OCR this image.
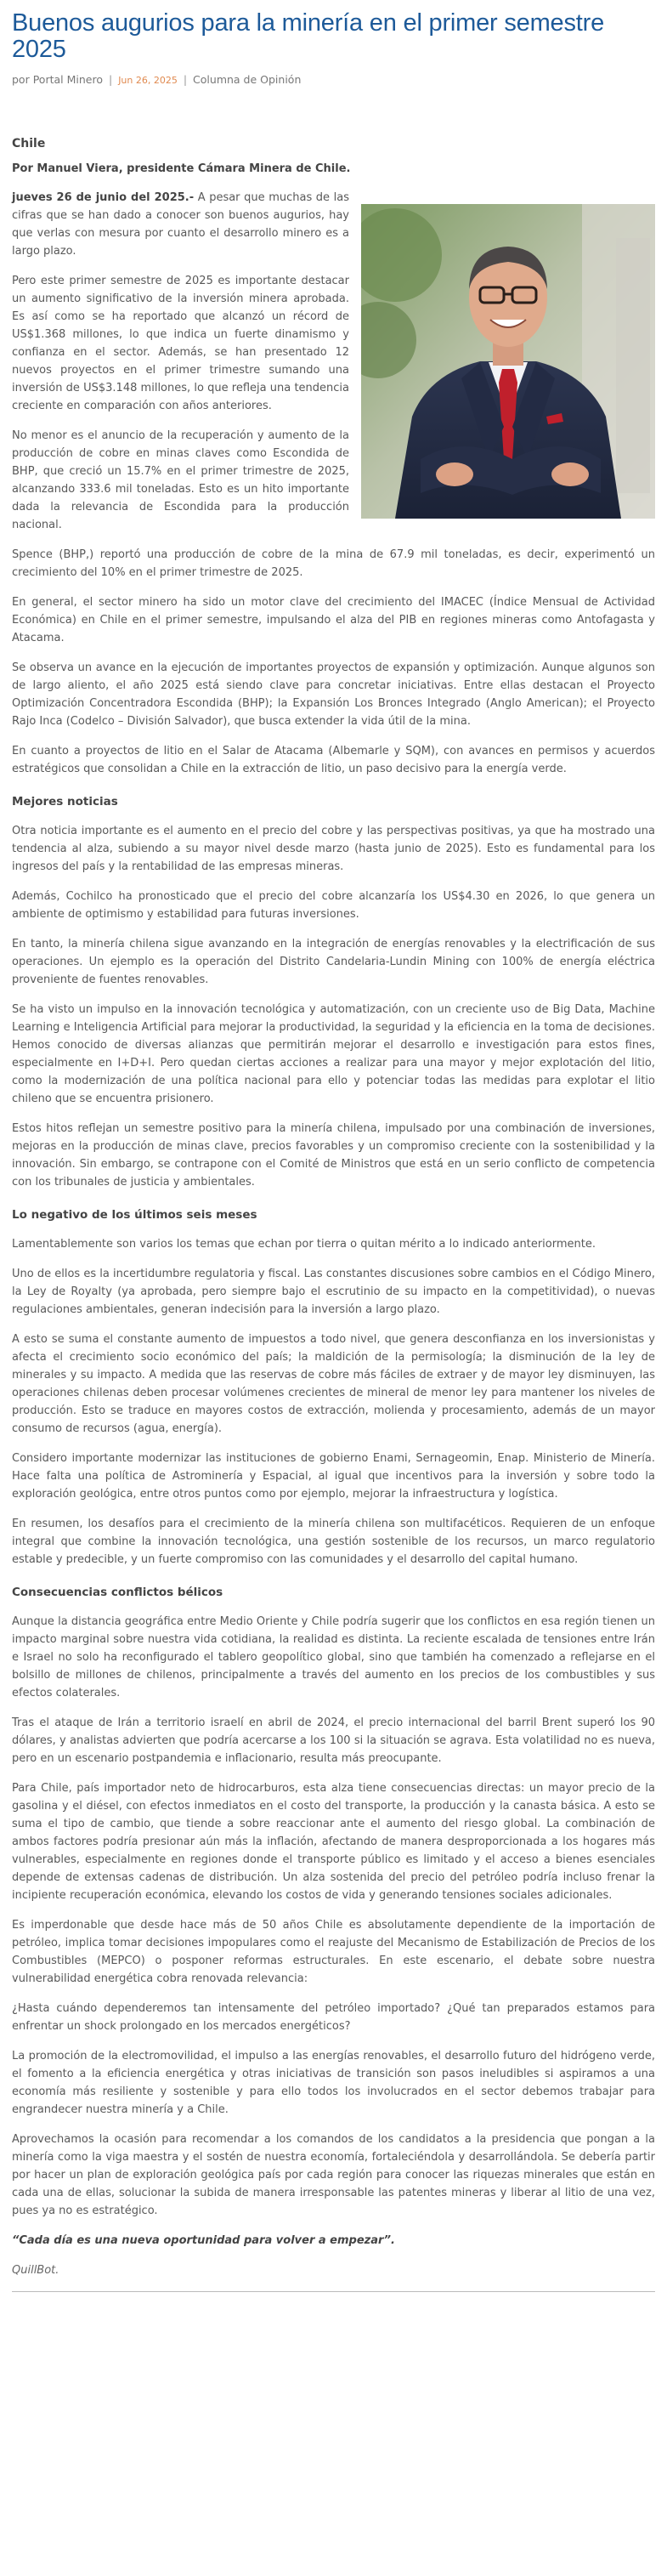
Buenos augurios para la minería en el primer semestre 2025
por Portal Minero | Jun 26, 2025 | Columna de Opinión
Chile
Por Manuel Viera, presidente Cámara Minera de Chile.

jueves 26 de junio del 2025.- A pesar que muchas de las cifras que se han dado a conocer son buenos augurios, hay que verlas con mesura por cuanto el desarrollo minero es a largo plazo.

Pero este primer semestre de 2025 es importante destacar un aumento significativo de la inversión minera aprobada. Es así como se ha reportado que alcanzó un récord de US$1.368 millones, lo que indica un fuerte dinamismo y confianza en el sector. Además, se han presentado 12 nuevos proyectos en el primer trimestre sumando una inversión de US$3.148 millones, lo que refleja una tendencia creciente en comparación con años anteriores.

No menor es el anuncio de la recuperación y aumento de la producción de cobre en minas claves como Escondida de BHP, que creció un 15.7% en el primer trimestre de 2025, alcanzando 333.6 mil toneladas. Esto es un hito importante dada la relevancia de Escondida para la producción nacional.

Spence (BHP,) reportó una producción de cobre de la mina de 67.9 mil toneladas, es decir, experimentó un crecimiento del 10% en el primer trimestre de 2025.

En general, el sector minero ha sido un motor clave del crecimiento del IMACEC (Índice Mensual de Actividad Económica) en Chile en el primer semestre, impulsando el alza del PIB en regiones mineras como Antofagasta y Atacama.

Se observa un avance en la ejecución de importantes proyectos de expansión y optimización. Aunque algunos son de largo aliento, el año 2025 está siendo clave para concretar iniciativas. Entre ellas destacan el Proyecto Optimización Concentradora Escondida (BHP); la Expansión Los Bronces Integrado (Anglo American); el Proyecto Rajo Inca (Codelco – División Salvador), que busca extender la vida útil de la mina.

En cuanto a proyectos de litio en el Salar de Atacama (Albemarle y SQM), con avances en permisos y acuerdos estratégicos que consolidan a Chile en la extracción de litio, un paso decisivo para la energía verde.

Mejores noticias

Otra noticia importante es el aumento en el precio del cobre y las perspectivas positivas, ya que ha mostrado una tendencia al alza, subiendo a su mayor nivel desde marzo (hasta junio de 2025). Esto es fundamental para los ingresos del país y la rentabilidad de las empresas mineras.

Además, Cochilco ha pronosticado que el precio del cobre alcanzaría los US$4.30 en 2026, lo que genera un ambiente de optimismo y estabilidad para futuras inversiones.

En tanto, la minería chilena sigue avanzando en la integración de energías renovables y la electrificación de sus operaciones. Un ejemplo es la operación del Distrito Candelaria-Lundin Mining con 100% de energía eléctrica proveniente de fuentes renovables.

Se ha visto un impulso en la innovación tecnológica y automatización, con un creciente uso de Big Data, Machine Learning e Inteligencia Artificial para mejorar la productividad, la seguridad y la eficiencia en la toma de decisiones.
Hemos conocido de diversas alianzas que permitirán mejorar el desarrollo e investigación para estos fines, especialmente en I+D+I. Pero quedan ciertas acciones a realizar para una mayor y mejor explotación del litio, como la modernización de una política nacional para ello y potenciar todas las medidas para explotar el litio chileno que se encuentra prisionero.

Estos hitos reflejan un semestre positivo para la minería chilena, impulsado por una combinación de inversiones, mejoras en la producción de minas clave, precios favorables y un compromiso creciente con la sostenibilidad y la innovación. Sin embargo, se contrapone con el Comité de Ministros que está en un serio conflicto de competencia con los tribunales de justicia y ambientales.

Lo negativo de los últimos seis meses

Lamentablemente son varios los temas que echan por tierra o quitan mérito a lo indicado anteriormente.

Uno de ellos es la incertidumbre regulatoria y fiscal. Las constantes discusiones sobre cambios en el Código Minero, la Ley de Royalty (ya aprobada, pero siempre bajo el escrutinio de su impacto en la competitividad), o nuevas regulaciones ambientales, generan indecisión para la inversión a largo plazo.

A esto se suma el constante aumento de impuestos a todo nivel, que genera desconfianza en los inversionistas y afecta el crecimiento socio económico del país; la maldición de la permisología; la disminución de la ley de minerales y su impacto. A medida que las reservas de cobre más fáciles de extraer y de mayor ley disminuyen, las operaciones chilenas deben procesar volúmenes crecientes de mineral de menor ley para mantener los niveles de producción. Esto se traduce en mayores costos de extracción, molienda y procesamiento, además de un mayor consumo de recursos (agua, energía).

Considero importante modernizar las instituciones de gobierno Enami, Sernageomin, Enap. Ministerio de Minería. Hace falta una política de Astrominería y Espacial, al igual que incentivos para la inversión y sobre todo la exploración geológica, entre otros puntos como por ejemplo, mejorar la infraestructura y logística.

En resumen, los desafíos para el crecimiento de la minería chilena son multifacéticos. Requieren de un enfoque integral que combine la innovación tecnológica, una gestión sostenible de los recursos, un marco regulatorio estable y predecible, y un fuerte compromiso con las comunidades y el desarrollo del capital humano.

Consecuencias conflictos bélicos

Aunque la distancia geográfica entre Medio Oriente y Chile podría sugerir que los conflictos en esa región tienen un impacto marginal sobre nuestra vida cotidiana, la realidad es distinta. La reciente escalada de tensiones entre Irán e Israel no solo ha reconfigurado el tablero geopolítico global, sino que también ha comenzado a reflejarse en el bolsillo de millones de chilenos, principalmente a través del aumento en los precios de los combustibles y sus efectos colaterales.

Tras el ataque de Irán a territorio israelí en abril de 2024, el precio internacional del barril Brent superó los 90 dólares, y analistas advierten que podría acercarse a los 100 si la situación se agrava. Esta volatilidad no es nueva, pero en un escenario postpandemia e inflacionario, resulta más preocupante.

Para Chile, país importador neto de hidrocarburos, esta alza tiene consecuencias directas: un mayor precio de la gasolina y el diésel, con efectos inmediatos en el costo del transporte, la producción y la canasta básica. A esto se suma el tipo de cambio, que tiende a sobre reaccionar ante el aumento del riesgo global. La combinación de ambos factores podría presionar aún más la inflación, afectando de manera desproporcionada a los hogares más vulnerables, especialmente en regiones donde el transporte público es limitado y el acceso a bienes esenciales depende de extensas cadenas de distribución. Un alza sostenida del precio del petróleo podría incluso frenar la incipiente recuperación económica, elevando los costos de vida y generando tensiones sociales adicionales.

Es imperdonable que desde hace más de 50 años Chile es absolutamente dependiente de la importación de petróleo, implica tomar decisiones impopulares como el reajuste del Mecanismo de Estabilización de Precios de los Combustibles (MEPCO) o posponer reformas estructurales. En este escenario, el debate sobre nuestra vulnerabilidad energética cobra renovada relevancia:

¿Hasta cuándo dependeremos tan intensamente del petróleo importado? ¿Qué tan preparados estamos para enfrentar un shock prolongado en los mercados energéticos?

La promoción de la electromovilidad, el impulso a las energías renovables, el desarrollo futuro del hidrógeno verde, el fomento a la eficiencia energética y otras iniciativas de transición son pasos ineludibles si aspiramos a una economía más resiliente y sostenible y para ello todos los involucrados en el sector debemos trabajar para engrandecer nuestra minería y a Chile.

Aprovechamos la ocasión para recomendar a los comandos de los candidatos a la presidencia que pongan a la minería como la viga maestra y el sostén de nuestra economía, fortaleciéndola y desarrollándola. Se debería partir por hacer un plan de exploración geológica país por cada región para conocer las riquezas minerales que están en cada una de ellas, solucionar la subida de manera irresponsable las patentes mineras y liberar al litio de una vez, pues ya no es estratégico.

“Cada día es una nueva oportunidad para volver a empezar”.

QuillBot.
